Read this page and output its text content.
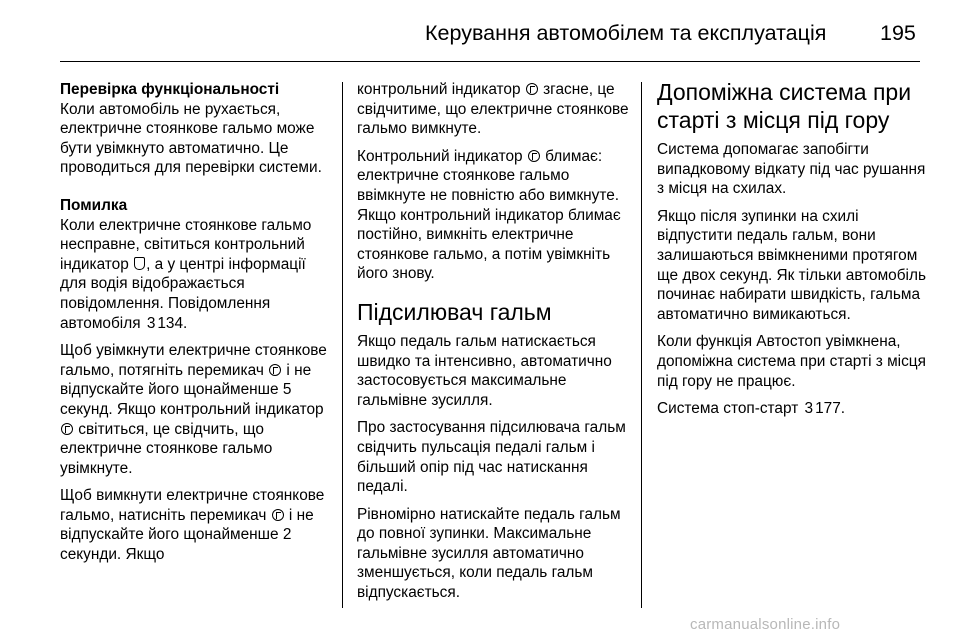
Керування автомобілем та експлуатація 195

Перевірка функціональності
Коли автомобіль не рухається, електричне стоянкове гальмо може бути увімкнуто автоматично. Це проводиться для перевірки системи.

Помилка
Коли електричне стоянкове гальмо несправне, світиться контрольний індикатор , а у центрі інформації для водія відображається повідомлення. Повідомлення автомобіля 3 134.

Щоб увімкнути електричне стоянкове гальмо, потягніть перемикач і не відпускайте його щонайменше 5 секунд. Якщо контрольний індикатор  світиться, це свідчить, що електричне стоянкове гальмо увімкнуте.

Щоб вимкнути електричне стоянкове гальмо, натисніть перемикач і не відпускайте його щонайменше 2 секунди. Якщо

контрольний індикатор згасне, це свідчитиме, що електричне стоянкове гальмо вимкнуте.

Контрольний індикатор блимає: електричне стоянкове гальмо ввімкнуте не повністю або вимкнуте. Якщо контрольний індикатор блимає постійно, вимкніть електричне стоянкове гальмо, а потім увімкніть його знову.

Підсилювач гальм

Якщо педаль гальм натискається швидко та інтенсивно, автоматично застосовується максимальне гальмівне зусилля.

Про застосування підсилювача гальм свідчить пульсація педалі гальм і більший опір під час натискання педалі.

Рівномірно натискайте педаль гальм до повної зупинки. Максимальне гальмівне зусилля автоматично зменшується, коли педаль гальм відпускається.

Допоміжна система при старті з місця під гору

Система допомагає запобігти випадковому відкату під час рушання з місця на схилах.

Якщо після зупинки на схилі відпустити педаль гальм, вони залишаються ввімкненими протягом ще двох секунд. Як тільки автомобіль починає набирати швидкість, гальма автоматично вимикаються.

Коли функція Автостоп увімкнена, допоміжна система при старті з місця під гору не працює.

Система стоп-старт 3 177.

carmanualsonline.info
